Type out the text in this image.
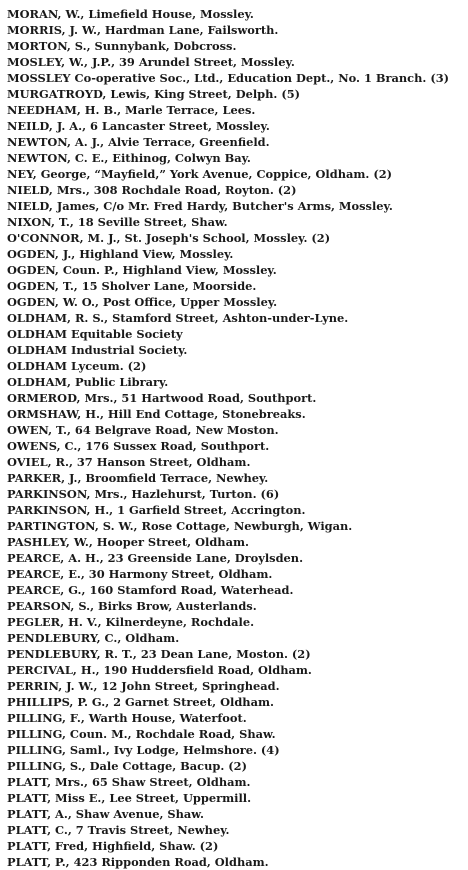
MORAN, W., Limefield House, Mossley.
MORRIS, J. W., Hardman Lane, Failsworth.
MORTON, S., Sunnybank, Dobcross.
MOSLEY, W., J.P., 39 Arundel Street, Mossley.
MOSSLEY Co-operative Soc., Ltd., Education Dept., No. 1 Branch. (3)
MURGATROYD, Lewis, King Street, Delph. (5)
NEEDHAM, H. B., Marle Terrace, Lees.
NEILD, J. A., 6 Lancaster Street, Mossley.
NEWTON, A. J., Alvie Terrace, Greenfield.
NEWTON, C. E., Eithinog, Colwyn Bay.
NEY, George, “Mayfield,” York Avenue, Coppice, Oldham. (2)
NIELD, Mrs., 308 Rochdale Road, Royton. (2)
NIELD, James, C/o Mr. Fred Hardy, Butcher's Arms, Mossley.
NIXON, T., 18 Seville Street, Shaw.
O'CONNOR, M. J., St. Joseph's School, Mossley. (2)
OGDEN, J., Highland View, Mossley.
OGDEN, Coun. P., Highland View, Mossley.
OGDEN, T., 15 Sholver Lane, Moorside.
OGDEN, W. O., Post Office, Upper Mossley.
OLDHAM, R. S., Stamford Street, Ashton-under-Lyne.
OLDHAM Equitable Society
OLDHAM Industrial Society.
OLDHAM Lyceum. (2)
OLDHAM, Public Library.
ORMEROD, Mrs., 51 Hartwood Road, Southport.
ORMSHAW, H., Hill End Cottage, Stonebreaks.
OWEN, T., 64 Belgrave Road, New Moston.
OWENS, C., 176 Sussex Road, Southport.
OVIEL, R., 37 Hanson Street, Oldham.
PARKER, J., Broomfield Terrace, Newhey.
PARKINSON, Mrs., Hazlehurst, Turton. (6)
PARKINSON, H., 1 Garfield Street, Accrington.
PARTINGTON, S. W., Rose Cottage, Newburgh, Wigan.
PASHLEY, W., Hooper Street, Oldham.
PEARCE, A. H., 23 Greenside Lane, Droylsden.
PEARCE, E., 30 Harmony Street, Oldham.
PEARCE, G., 160 Stamford Road, Waterhead.
PEARSON, S., Birks Brow, Austerlands.
PEGLER, H. V., Kilnerdeyne, Rochdale.
PENDLEBURY, C., Oldham.
PENDLEBURY, R. T., 23 Dean Lane, Moston. (2)
PERCIVAL, H., 190 Huddersfield Road, Oldham.
PERRIN, J. W., 12 John Street, Springhead.
PHILLIPS, P. G., 2 Garnet Street, Oldham.
PILLING, F., Warth House, Waterfoot.
PILLING, Coun. M., Rochdale Road, Shaw.
PILLING, Saml., Ivy Lodge, Helmshore. (4)
PILLING, S., Dale Cottage, Bacup. (2)
PLATT, Mrs., 65 Shaw Street, Oldham.
PLATT, Miss E., Lee Street, Uppermill.
PLATT, A., Shaw Avenue, Shaw.
PLATT, C., 7 Travis Street, Newhey.
PLATT, Fred, Highfield, Shaw. (2)
PLATT, P., 423 Ripponden Road, Oldham.
